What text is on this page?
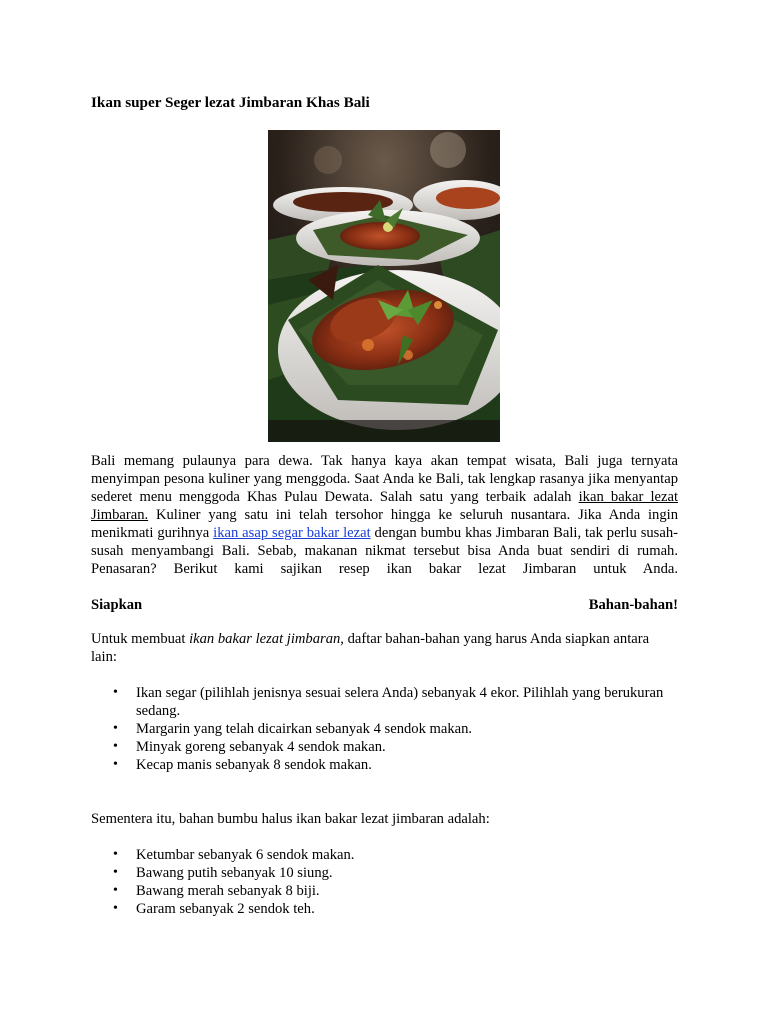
Ikan super Seger lezat Jimbaran Khas Bali

Bali memang pulaunya para dewa. Tak hanya kaya akan tempat wisata, Bali juga ternyata menyimpan pesona kuliner yang menggoda. Saat Anda ke Bali, tak lengkap rasanya jika menyantap sederet menu menggoda Khas Pulau Dewata. Salah satu yang terbaik adalah ikan bakar lezat Jimbaran. Kuliner yang satu ini telah tersohor hingga ke seluruh nusantara. Jika Anda ingin menikmati gurihnya ikan asap segar bakar lezat dengan bumbu khas Jimbaran Bali, tak perlu susah-susah menyambangi Bali. Sebab, makanan nikmat tersebut bisa Anda buat sendiri di rumah. Penasaran? Berikut kami sajikan resep ikan bakar lezat Jimbaran untuk Anda.

Siapkan	Bahan-bahan!

Untuk membuat ikan bakar lezat jimbaran, daftar bahan-bahan yang harus Anda siapkan antara lain:

• Ikan segar (pilihlah jenisnya sesuai selera Anda) sebanyak 4 ekor. Pilihlah yang berukuran sedang.
• Margarin yang telah dicairkan sebanyak 4 sendok makan.
• Minyak goreng sebanyak 4 sendok makan.
• Kecap manis sebanyak 8 sendok makan.

Sementera itu, bahan bumbu halus ikan bakar lezat jimbaran adalah:

• Ketumbar sebanyak 6 sendok makan.
• Bawang putih sebanyak 10 siung.
• Bawang merah sebanyak 8 biji.
• Garam sebanyak 2 sendok teh.
